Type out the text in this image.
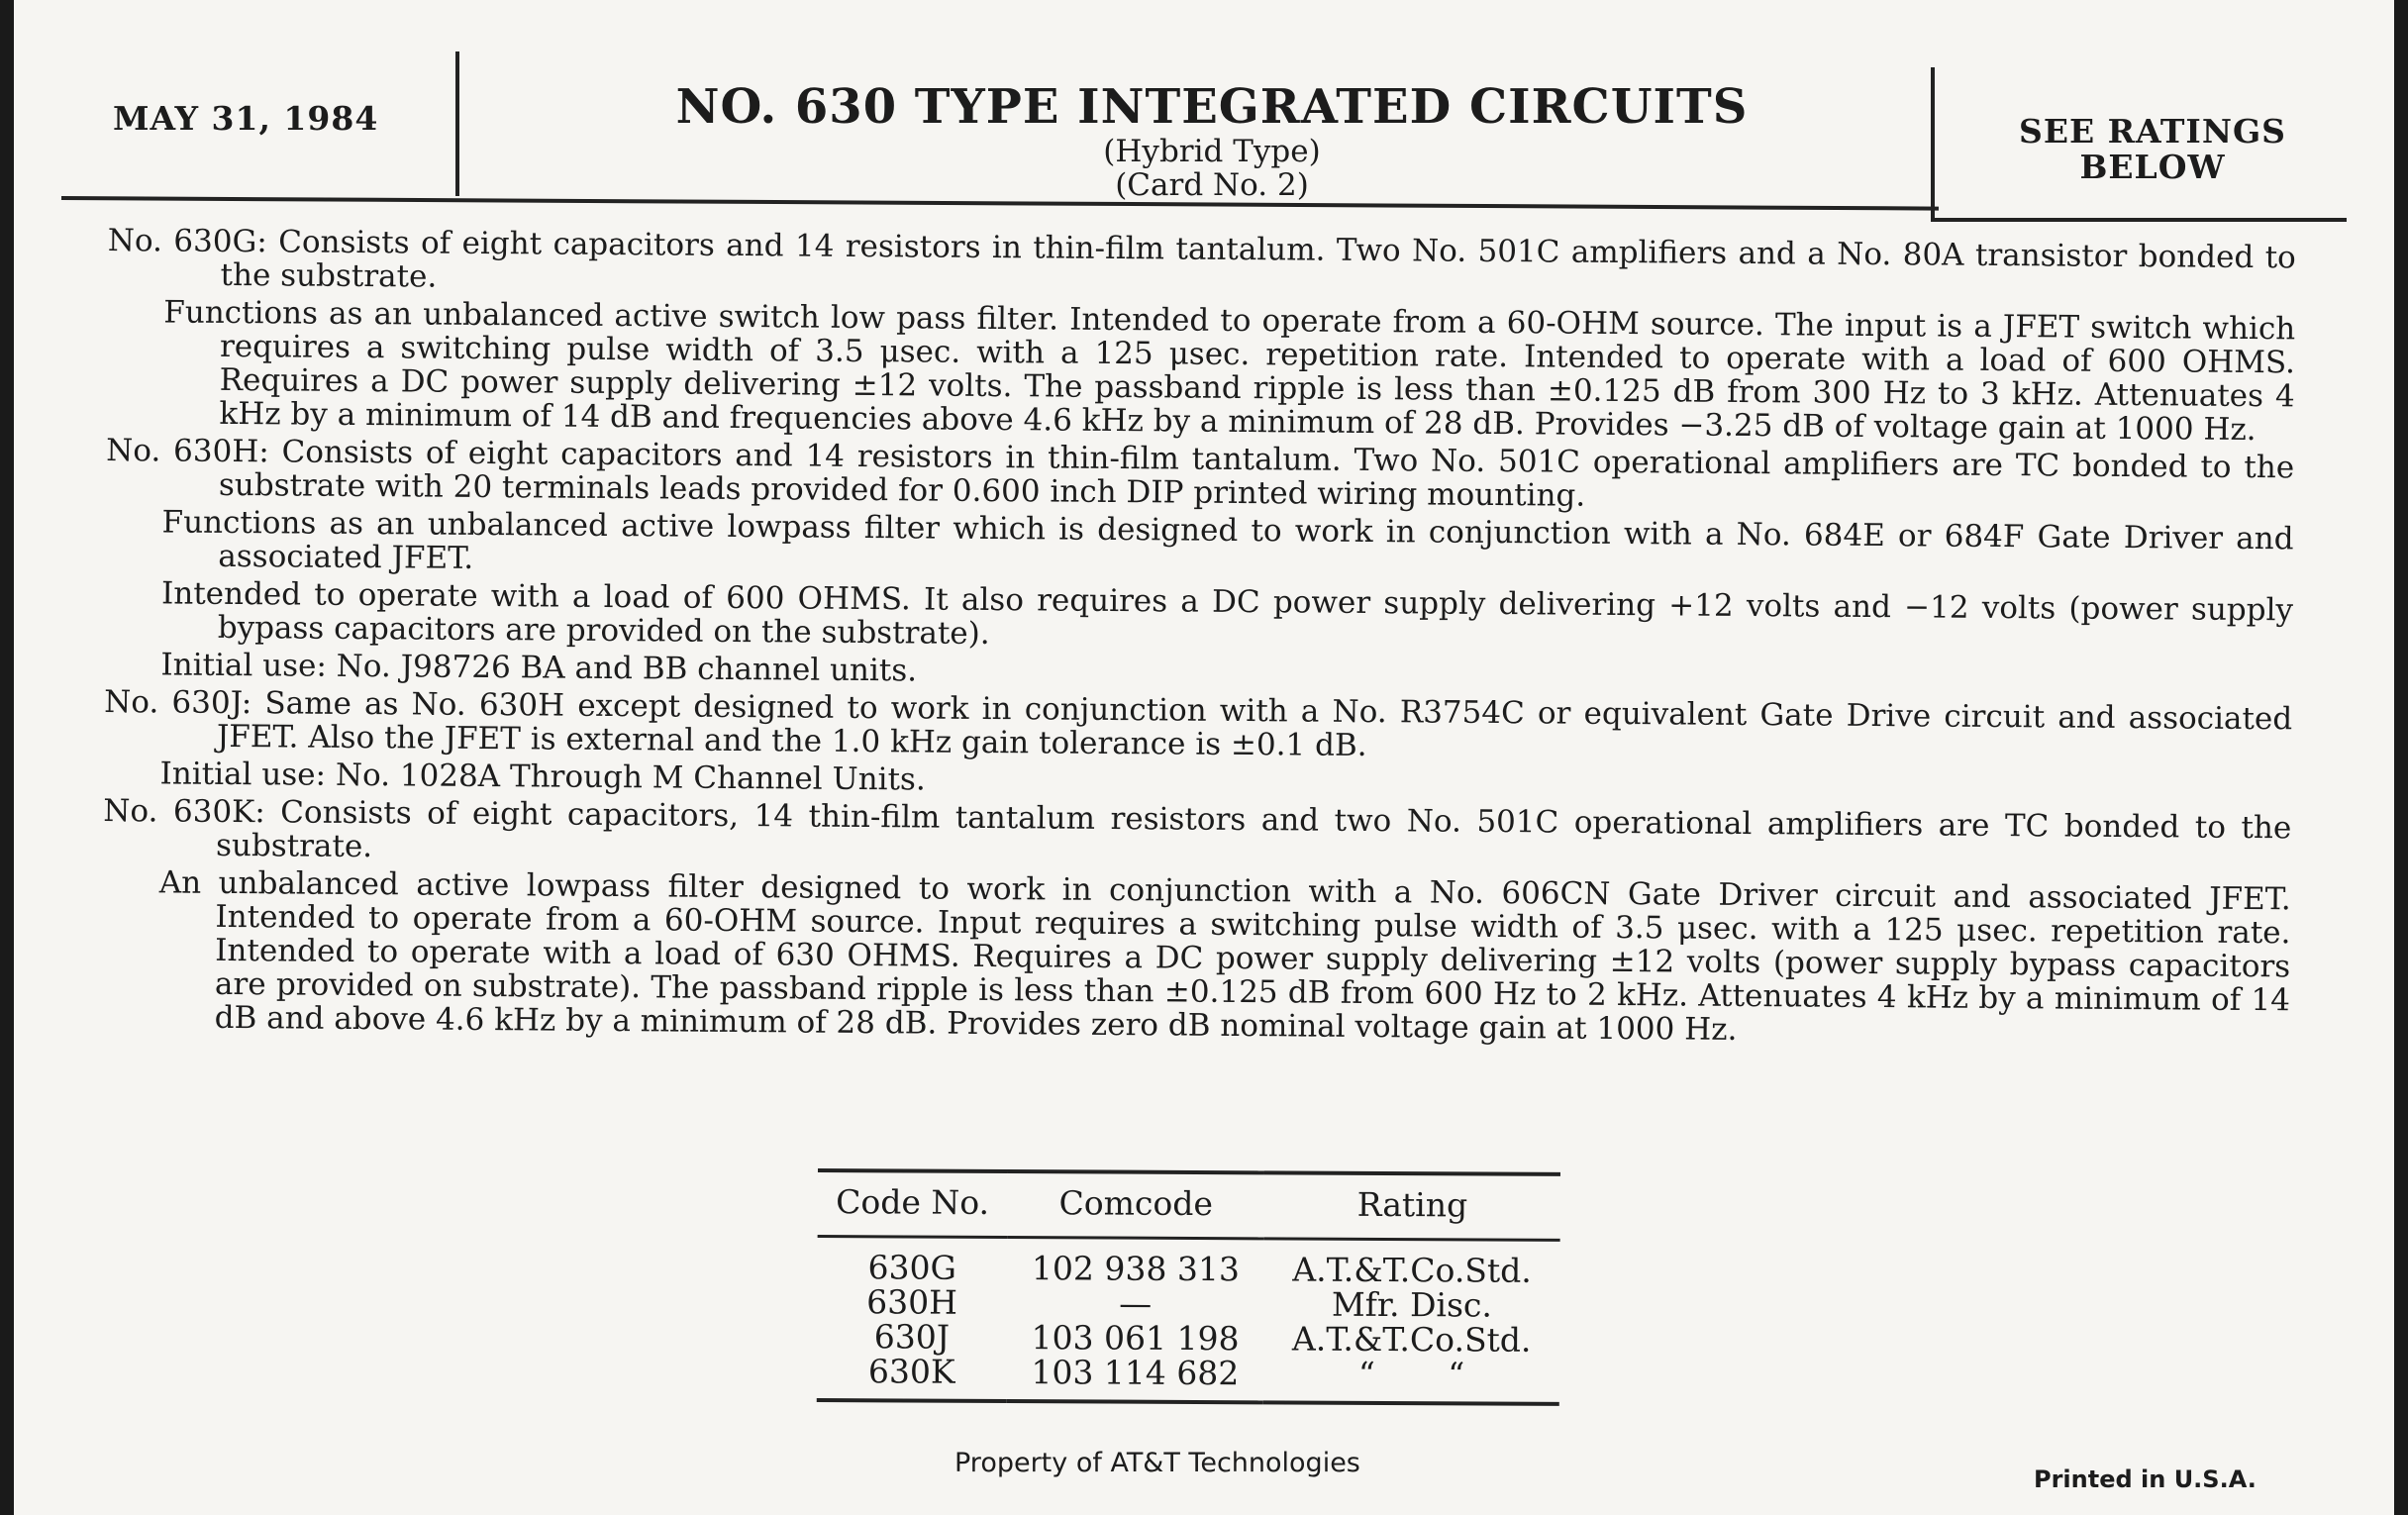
MAY 31, 1984	NO. 630 TYPE INTEGRATED CIRCUITS
(Hybrid Type)
(Card No. 2)
SEE RATINGS
BELOW

No. 630G: Consists of eight capacitors and 14 resistors in thin-film tantalum. Two No. 501C amplifiers and a No. 80A transistor bonded to the substrate.

Functions as an unbalanced active switch low pass filter. Intended to operate from a 60-OHM source. The input is a JFET switch which requires a switching pulse width of 3.5 μsec. with a 125 μsec. repetition rate. Intended to operate with a load of 600 OHMS. Requires a DC power supply delivering ±12 volts. The passband ripple is less than ±0.125 dB from 300 Hz to 3 kHz. Attenuates 4 kHz by a minimum of 14 dB and frequencies above 4.6 kHz by a minimum of 28 dB. Provides −3.25 dB of voltage gain at 1000 Hz.

No. 630H: Consists of eight capacitors and 14 resistors in thin-film tantalum. Two No. 501C operational amplifiers are TC bonded to the substrate with 20 terminals leads provided for 0.600 inch DIP printed wiring mounting.

Functions as an unbalanced active lowpass filter which is designed to work in conjunction with a No. 684E or 684F Gate Driver and associated JFET.

Intended to operate with a load of 600 OHMS. It also requires a DC power supply delivering +12 volts and −12 volts (power supply bypass capacitors are provided on the substrate).

Initial use: No. J98726 BA and BB channel units.

No. 630J: Same as No. 630H except designed to work in conjunction with a No. R3754C or equivalent Gate Drive circuit and associated JFET. Also the JFET is external and the 1.0 kHz gain tolerance is ±0.1 dB.

Initial use: No. 1028A Through M Channel Units.

No. 630K: Consists of eight capacitors, 14 thin-film tantalum resistors and two No. 501C operational amplifiers are TC bonded to the substrate.

An unbalanced active lowpass filter designed to work in conjunction with a No. 606CN Gate Driver circuit and associated JFET. Intended to operate from a 60-OHM source. Input requires a switching pulse width of 3.5 μsec. with a 125 μsec. repetition rate. Intended to operate with a load of 630 OHMS. Requires a DC power supply delivering ±12 volts (power supply bypass capacitors are provided on substrate). The passband ripple is less than ±0.125 dB from 600 Hz to 2 kHz. Attenuates 4 kHz by a minimum of 14 dB and above 4.6 kHz by a minimum of 28 dB. Provides zero dB nominal voltage gain at 1000 Hz.

Code No.	Comcode	Rating
630G	102 938 313	A.T.&T.Co.Std.
630H	—	Mfr. Disc.
630J	103 061 198	A.T.&T.Co.Std.
630K	103 114 682	“       “
Property of AT&T Technologies
Printed in U.S.A.
